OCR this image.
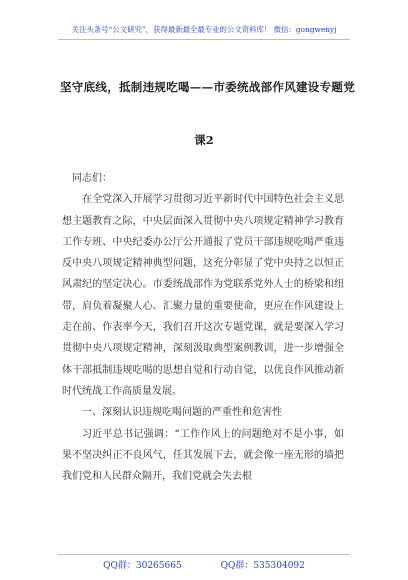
关注头条号“公文研究”，获得最新最全最专业的公文资料库！ 微信：gongwenyj
坚守底线，抵制违规吃喝——市委统战部作风建设专题党
课2

同志们：

在全党深入开展学习贯彻习近平新时代中国特色社会主义思想主题教育之际，中央层面深入贯彻中央八项规定精神学习教育工作专班、中央纪委办公厅公开通报了党员干部违规吃喝严重违反中央八项规定精神典型问题，这充分彰显了党中央持之以恒正风肃纪的坚定决心。市委统战部作为党联系党外人士的桥梁和纽带，肩负着凝聚人心、汇聚力量的重要使命，更应在作风建设上走在前、作表率今天，我们召开这次专题党课，就是要深入学习贯彻中央八项规定精神，深刻汲取典型案例教训，进一步增强全体干部抵制违规吃喝的思想自觉和行动自觉，以优良作风推动新时代统战工作高质量发展。

一、深刻认识违规吃喝问题的严重性和危害性

习近平总书记强调：“工作作风上的问题绝对不是小事，如果不坚决纠正不良风气，任其发展下去，就会像一座无形的墙把我们党和人民群众隔开，我们党就会失去根

QQ群：30265665	QQ群：535304092
